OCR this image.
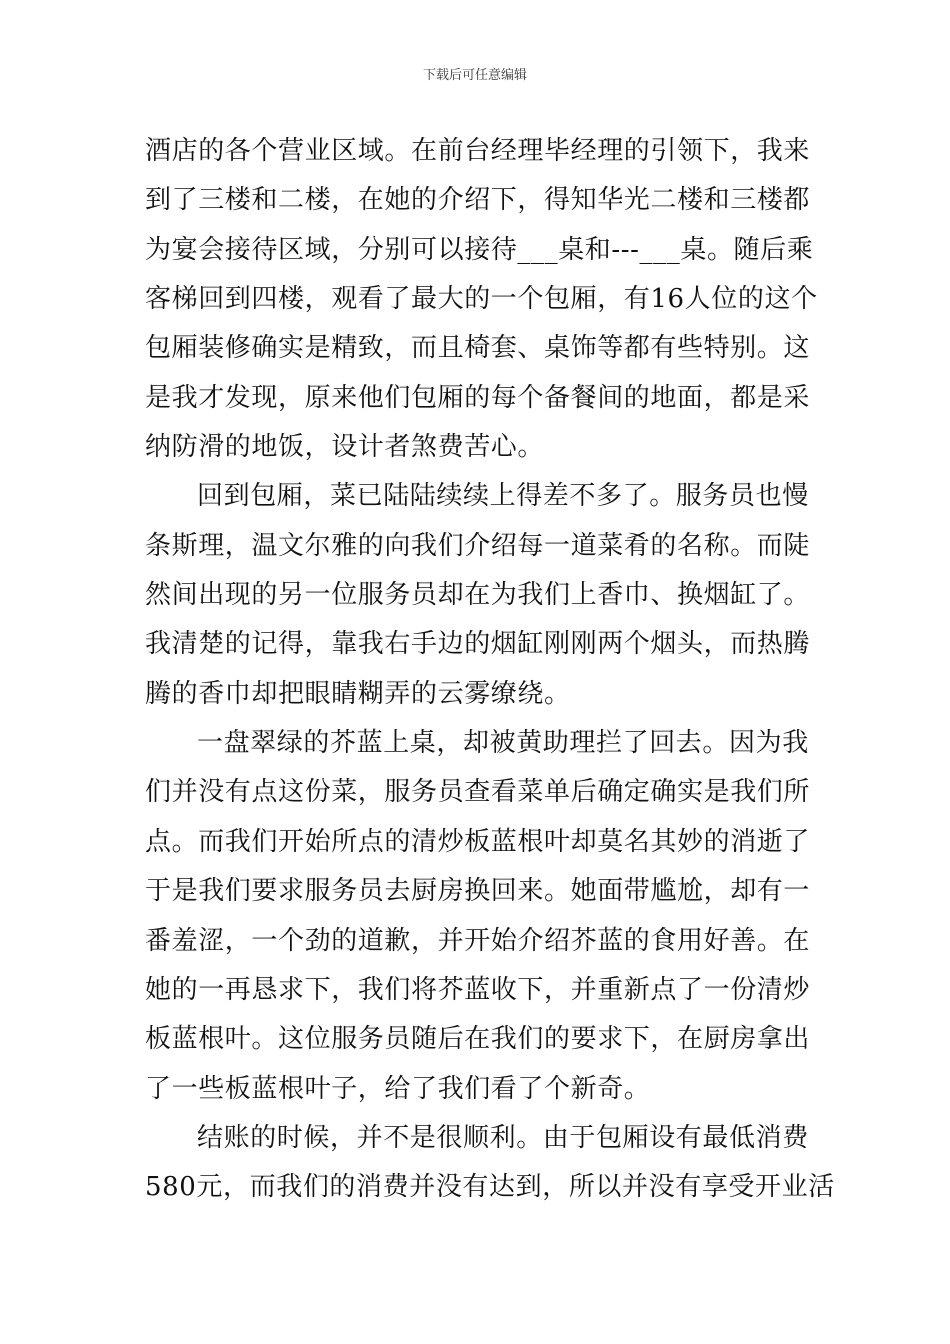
下载后可任意编辑
酒店的各个营业区域。在前台经理毕经理的引领下，我来
到了三楼和二楼，在她的介绍下，得知华光二楼和三楼都
为宴会接待区域，分别可以接待___桌和---___桌。随后乘
客梯回到四楼，观看了最大的一个包厢，有16人位的这个
包厢装修确实是精致，而且椅套、桌饰等都有些特别。这
是我才发现，原来他们包厢的每个备餐间的地面，都是采
纳防滑的地饭，设计者煞费苦心。
回到包厢，菜已陆陆续续上得差不多了。服务员也慢
条斯理，温文尔雅的向我们介绍每一道菜肴的名称。而陡
然间出现的另一位服务员却在为我们上香巾、换烟缸了。
我清楚的记得，靠我右手边的烟缸刚刚两个烟头，而热腾
腾的香巾却把眼睛糊弄的云雾缭绕。
一盘翠绿的芥蓝上桌，却被黄助理拦了回去。因为我
们并没有点这份菜，服务员查看菜单后确定确实是我们所
点。而我们开始所点的清炒板蓝根叶却莫名其妙的消逝了
于是我们要求服务员去厨房换回来。她面带尴尬，却有一
番羞涩，一个劲的道歉，并开始介绍芥蓝的食用好善。在
她的一再恳求下，我们将芥蓝收下，并重新点了一份清炒
板蓝根叶。这位服务员随后在我们的要求下，在厨房拿出
了一些板蓝根叶子，给了我们看了个新奇。
结账的时候，并不是很顺利。由于包厢设有最低消费
580元，而我们的消费并没有达到，所以并没有享受开业活
